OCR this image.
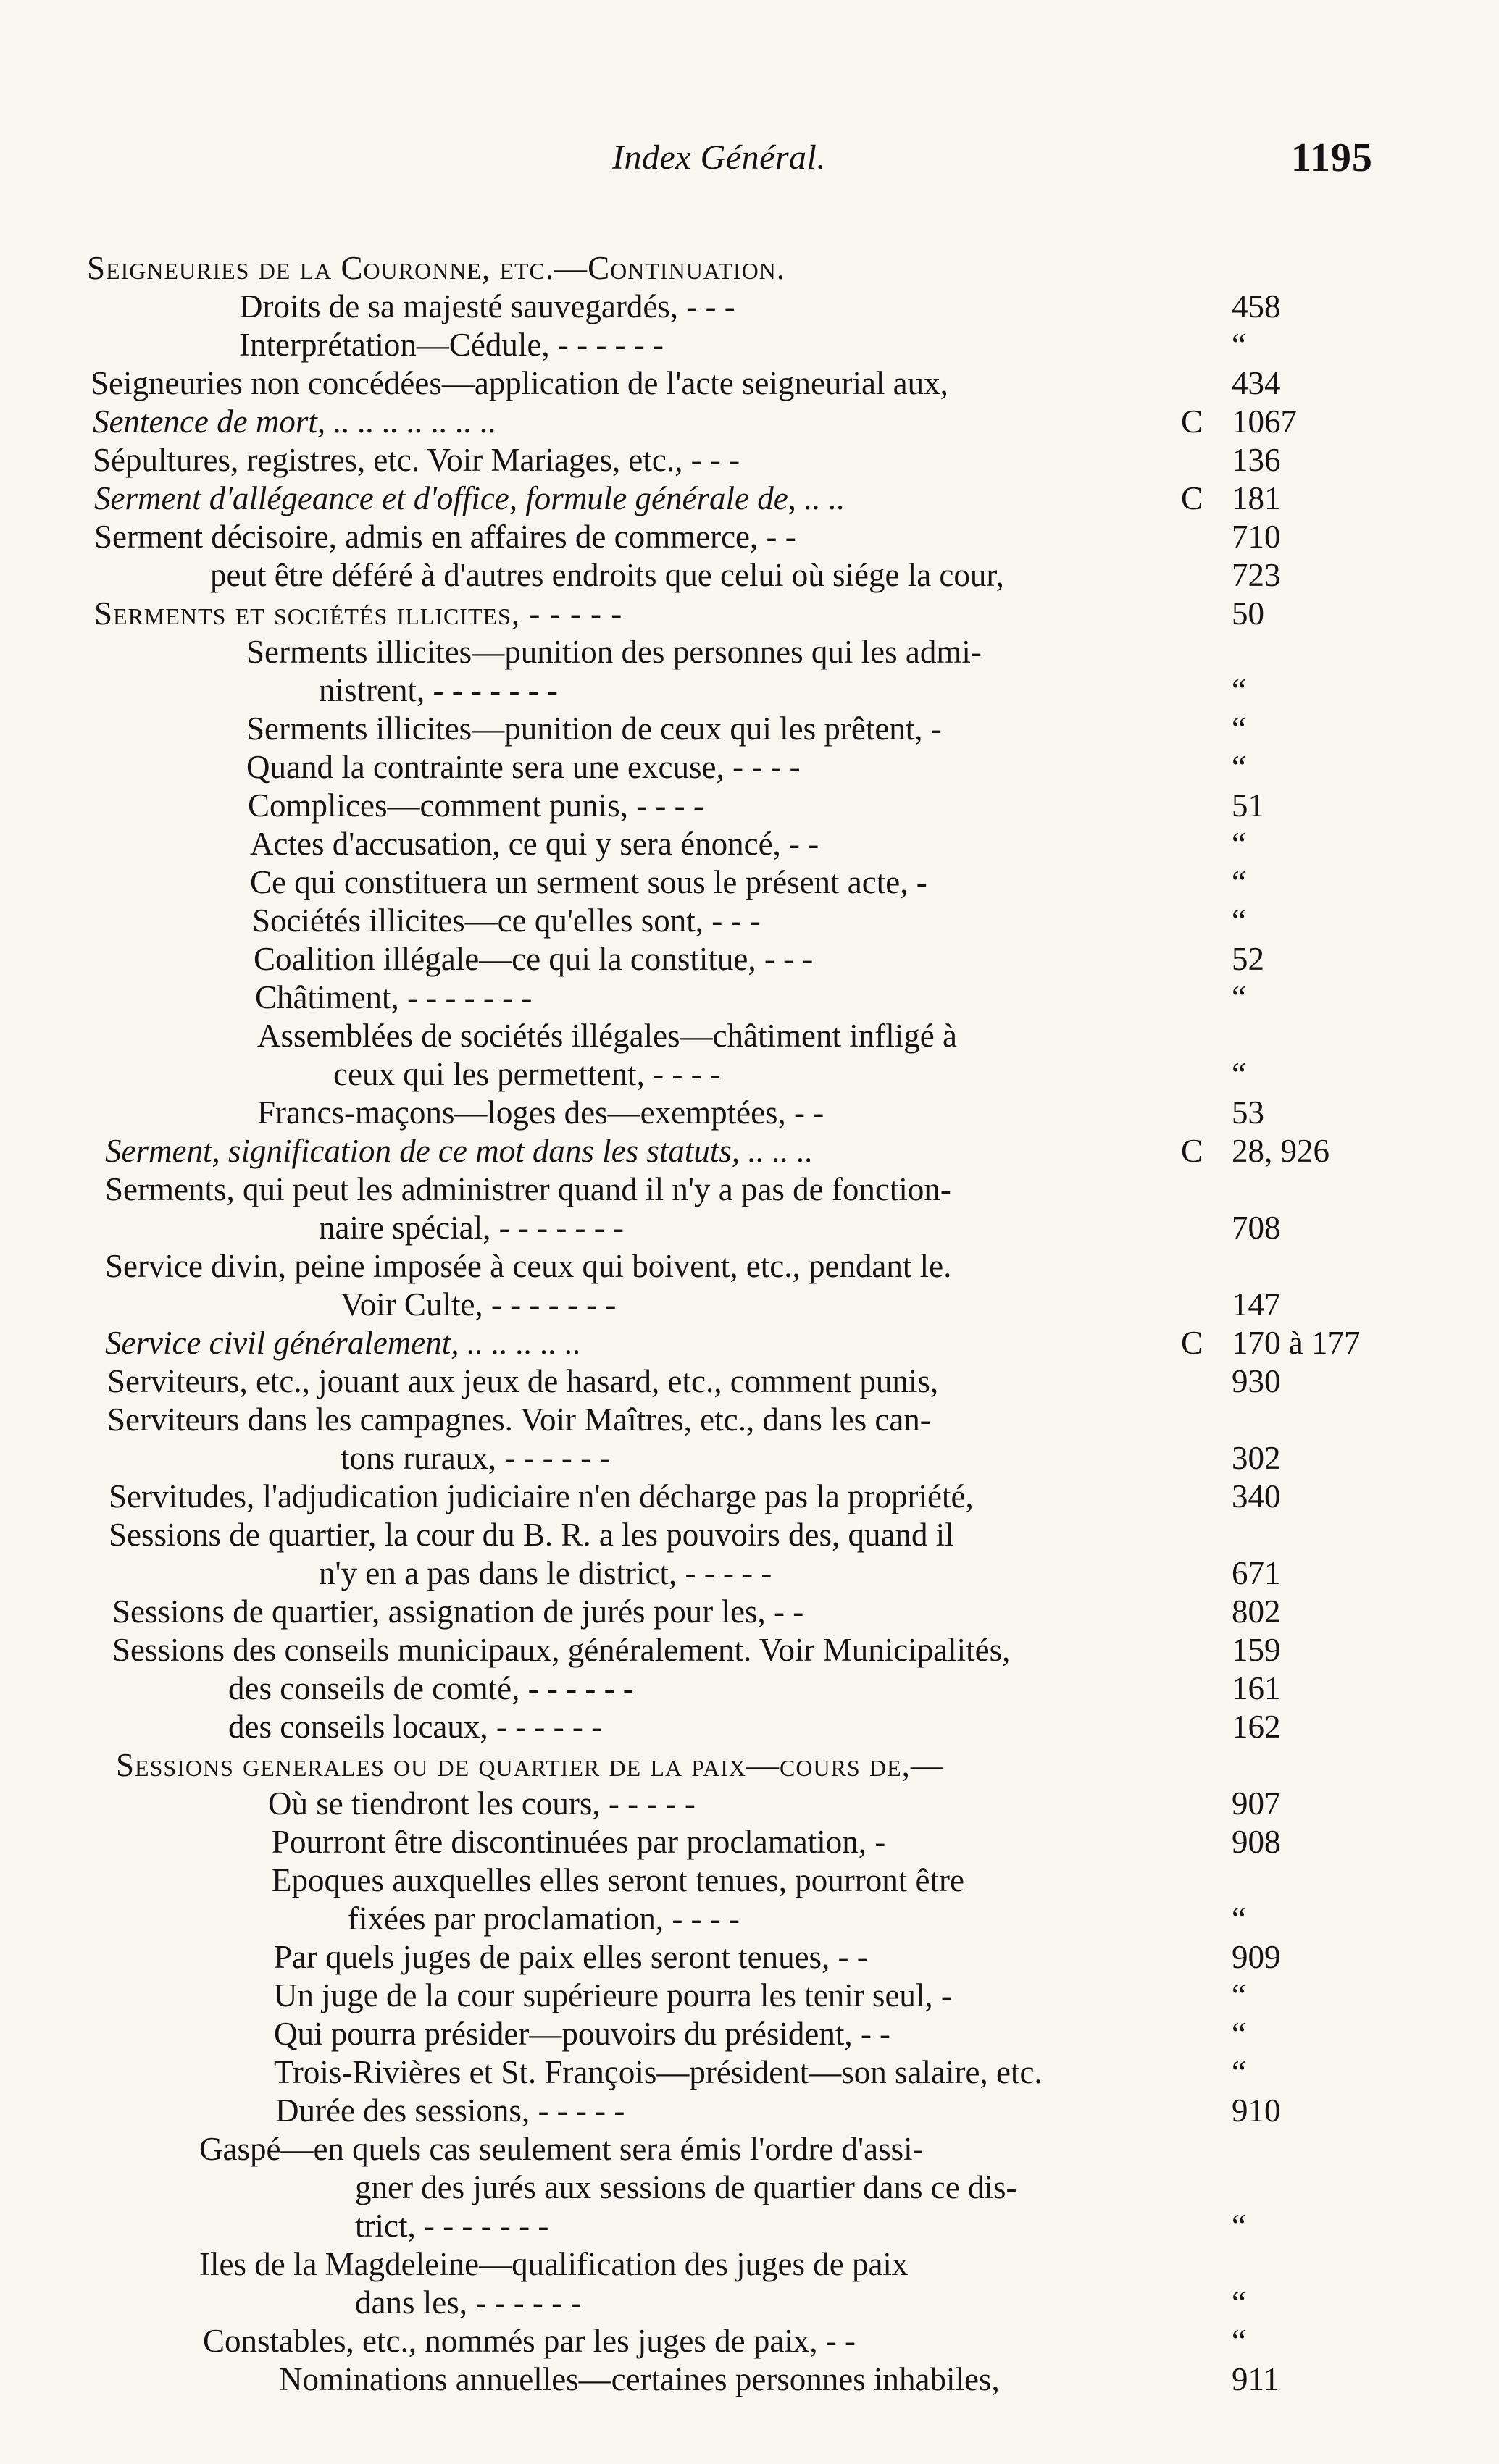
Index Général.	1195
Seigneuries de la Couronne, etc.—Continuation.
Droits de sa majesté sauvegardés, - - -	458
Interprétation—Cédule, - - - - - -	“
Seigneuries non concédées—application de l'acte seigneurial aux,	434
Sentence de mort, .. .. .. .. .. .. ..	C 1067
Sépultures, registres, etc. Voir Mariages, etc., - - -	136
Serment d'allégeance et d'office, formule générale de, .. ..	C 181
Serment décisoire, admis en affaires de commerce, - -	710
peut être déféré à d'autres endroits que celui où siége la cour,	723
Serments et sociétés illicites, - - - - -	50
Serments illicites—punition des personnes qui les admi-
nistrent, - - - - - - -	“
Serments illicites—punition de ceux qui les prêtent, -	“
Quand la contrainte sera une excuse, - - - -	“
Complices—comment punis, - - - -	51
Actes d'accusation, ce qui y sera énoncé, - -	“
Ce qui constituera un serment sous le présent acte, -	“
Sociétés illicites—ce qu'elles sont, - - -	“
Coalition illégale—ce qui la constitue, - - -	52
Châtiment, - - - - - - -	“
Assemblées de sociétés illégales—châtiment infligé à
ceux qui les permettent, - - - -	“
Francs-maçons—loges des—exemptées, - -	53
Serment, signification de ce mot dans les statuts, .. .. ..	C 28, 926
Serments, qui peut les administrer quand il n'y a pas de fonction-
naire spécial, - - - - - - -	708
Service divin, peine imposée à ceux qui boivent, etc., pendant le.
Voir Culte, - - - - - - -	147
Service civil généralement, .. .. .. .. ..	C 170 à 177
Serviteurs, etc., jouant aux jeux de hasard, etc., comment punis,	930
Serviteurs dans les campagnes. Voir Maîtres, etc., dans les can-
tons ruraux, - - - - - -	302
Servitudes, l'adjudication judiciaire n'en décharge pas la propriété,	340
Sessions de quartier, la cour du B. R. a les pouvoirs des, quand il
n'y en a pas dans le district, - - - - -	671
Sessions de quartier, assignation de jurés pour les, - -	802
Sessions des conseils municipaux, généralement. Voir Municipalités,	159
des conseils de comté, - - - - - -	161
des conseils locaux, - - - - - -	162
Sessions generales ou de quartier de la paix—cours de,—
Où se tiendront les cours, - - - - -	907
Pourront être discontinuées par proclamation, -	908
Epoques auxquelles elles seront tenues, pourront être
fixées par proclamation, - - - -	“
Par quels juges de paix elles seront tenues, - -	909
Un juge de la cour supérieure pourra les tenir seul, -	“
Qui pourra présider—pouvoirs du président, - -	“
Trois-Rivières et St. François—président—son salaire, etc.	“
Durée des sessions, - - - - -	910
Gaspé—en quels cas seulement sera émis l'ordre d'assi-
gner des jurés aux sessions de quartier dans ce dis-
trict, - - - - - - -	“
Iles de la Magdeleine—qualification des juges de paix
dans les, - - - - - -	“
Constables, etc., nommés par les juges de paix, - -	“
Nominations annuelles—certaines personnes inhabiles,	911
